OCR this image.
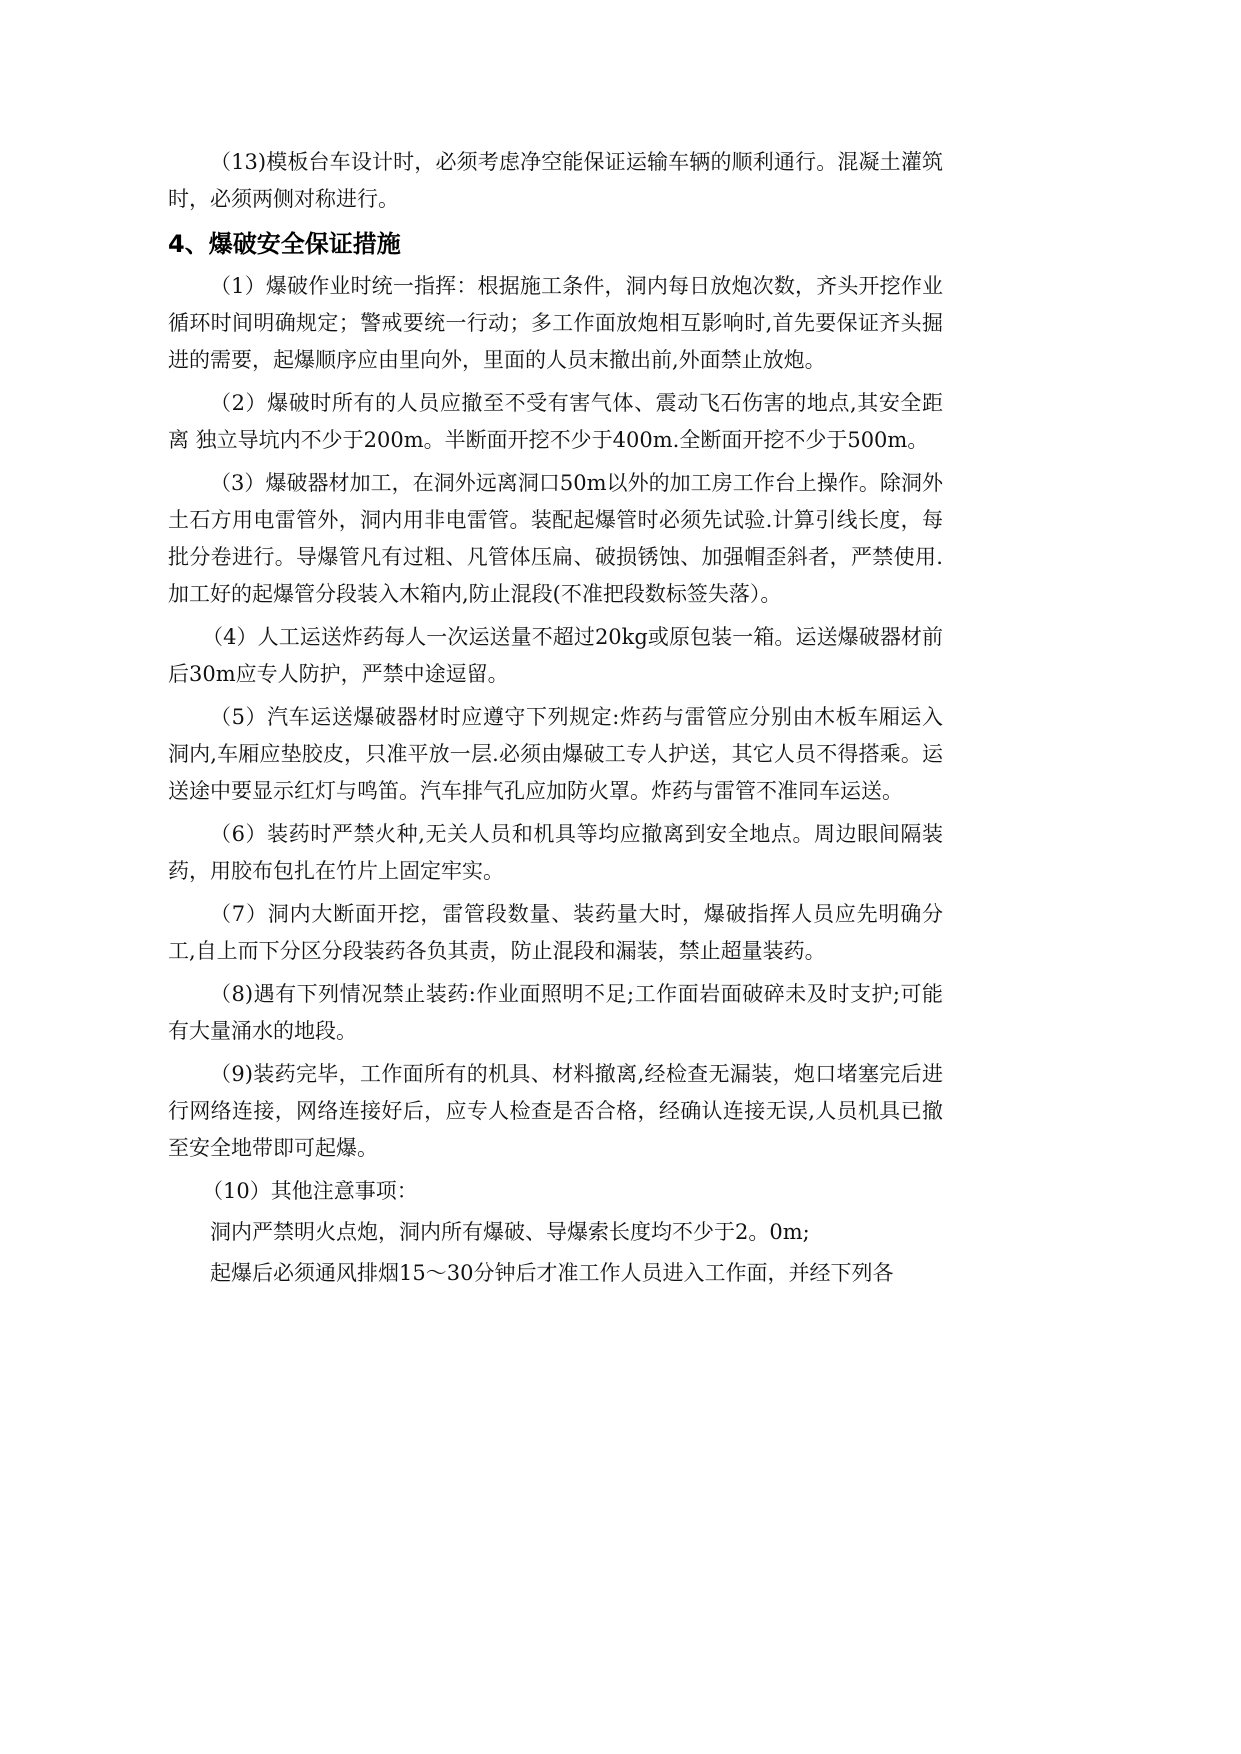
（13)模板台车设计时，必须考虑净空能保证运输车辆的顺利通行。混凝土灌筑时，必须两侧对称进行。

4、爆破安全保证措施

（1）爆破作业时统一指挥：根据施工条件，洞内每日放炮次数，齐头开挖作业循环时间明确规定；警戒要统一行动；多工作面放炮相互影响时,首先要保证齐头掘进的需要，起爆顺序应由里向外，里面的人员末撤出前,外面禁止放炮。

（2）爆破时所有的人员应撤至不受有害气体、震动飞石伤害的地点,其安全距离 独立导坑内不少于200m。半断面开挖不少于400m.全断面开挖不少于500m。

（3）爆破器材加工，在洞外远离洞口50m以外的加工房工作台上操作。除洞外土石方用电雷管外，洞内用非电雷管。装配起爆管时必须先试验.计算引线长度，每批分卷进行。导爆管凡有过粗、凡管体压扁、破损锈蚀、加强帽歪斜者，严禁使用.加工好的起爆管分段装入木箱内,防止混段(不准把段数标签失落）。

（4）人工运送炸药每人一次运送量不超过20kg或原包装一箱。运送爆破器材前后30m应专人防护，严禁中途逗留。

（5）汽车运送爆破器材时应遵守下列规定:炸药与雷管应分别由木板车厢运入洞内,车厢应垫胶皮，只准平放一层.必须由爆破工专人护送，其它人员不得搭乘。运送途中要显示红灯与鸣笛。汽车排气孔应加防火罩。炸药与雷管不准同车运送。

（6）装药时严禁火种,无关人员和机具等均应撤离到安全地点。周边眼间隔装药，用胶布包扎在竹片上固定牢实。

（7）洞内大断面开挖，雷管段数量、装药量大时，爆破指挥人员应先明确分工,自上而下分区分段装药各负其责，防止混段和漏装，禁止超量装药。

（8)遇有下列情况禁止装药:作业面照明不足;工作面岩面破碎未及时支护;可能有大量涌水的地段。

（9)装药完毕，工作面所有的机具、材料撤离,经检查无漏装，炮口堵塞完后进行网络连接，网络连接好后，应专人检查是否合格，经确认连接无误,人员机具已撤至安全地带即可起爆。

（10）其他注意事项：

洞内严禁明火点炮，洞内所有爆破、导爆索长度均不少于2。0m;

起爆后必须通风排烟15～30分钟后才准工作人员进入工作面，并经下列各
